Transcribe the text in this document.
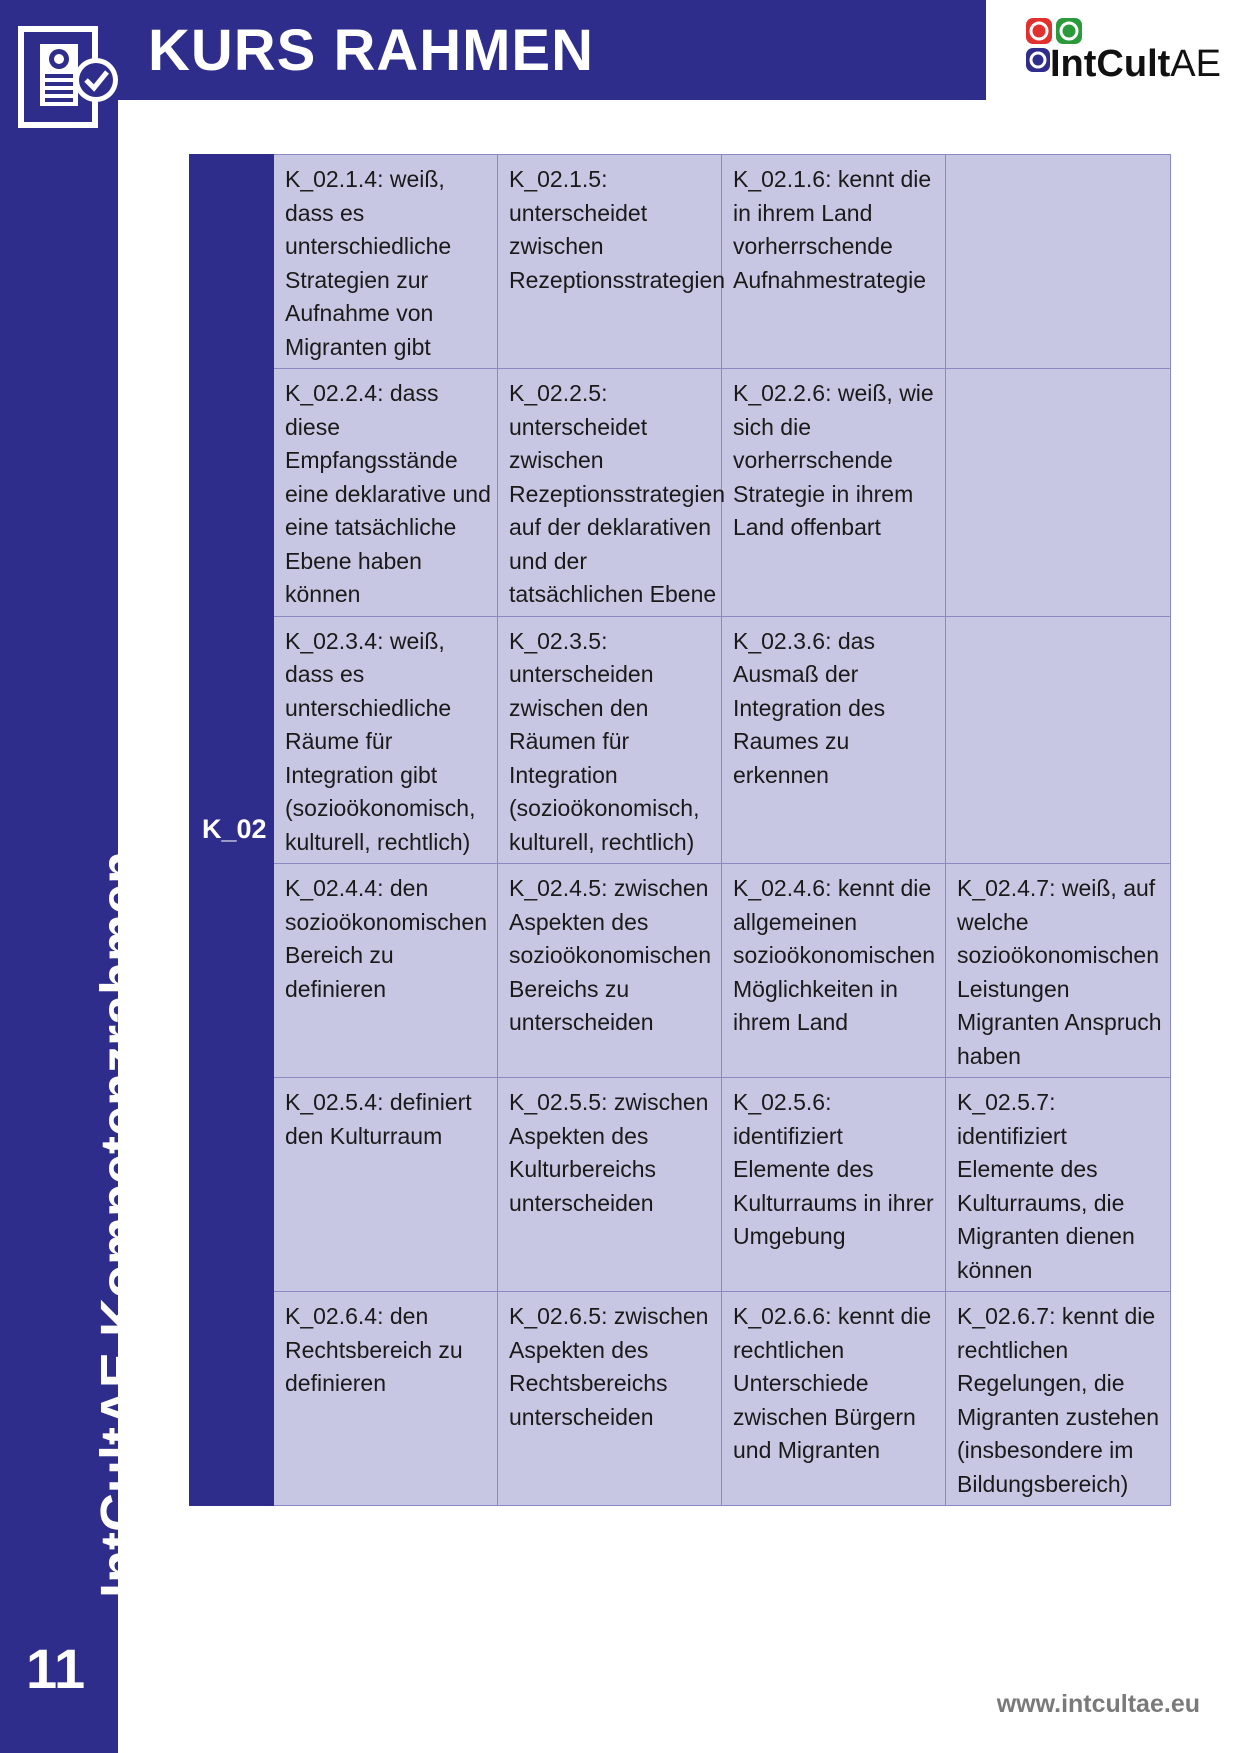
KURS RAHMEN	IntCultAE
K_02	K_02.1.4: weiß, dass es unterschiedliche Strategien zur Aufnahme von Migranten gibt	K_02.1.5: unterscheidet zwischen Rezeptionsstrategien	K_02.1.6: kennt die in ihrem Land vorherrschende Aufnahmestrategie	
	K_02.2.4: dass diese Empfangsstände eine deklarative und eine tatsächliche Ebene haben können	K_02.2.5: unterscheidet zwischen Rezeptionsstrategien auf der deklarativen und der tatsächlichen Ebene	K_02.2.6: weiß, wie sich die vorherrschende Strategie in ihrem Land offenbart	
	K_02.3.4: weiß, dass es unterschiedliche Räume für Integration gibt (sozioökonomisch, kulturell, rechtlich)	K_02.3.5: unterscheiden zwischen den Räumen für Integration (sozioökonomisch, kulturell, rechtlich)	K_02.3.6: das Ausmaß der Integration des Raumes zu erkennen	
	K_02.4.4: den sozioökonomischen Bereich zu definieren	K_02.4.5: zwischen Aspekten des sozioökonomischen Bereichs zu unterscheiden	K_02.4.6: kennt die allgemeinen sozioökonomischen Möglichkeiten in ihrem Land	K_02.4.7: weiß, auf welche sozioökonomischen Leistungen Migranten Anspruch haben
	K_02.5.4: definiert den Kulturraum	K_02.5.5: zwischen Aspekten des Kulturbereichs unterscheiden	K_02.5.6: identifiziert Elemente des Kulturraums in ihrer Umgebung	K_02.5.7: identifiziert Elemente des Kulturraums, die Migranten dienen können
	K_02.6.4: den Rechtsbereich zu definieren	K_02.6.5: zwischen Aspekten des Rechtsbereichs unterscheiden	K_02.6.6: kennt die rechtlichen Unterschiede zwischen Bürgern und Migranten	K_02.6.7: kennt die rechtlichen Regelungen, die Migranten zustehen (insbesondere im Bildungsbereich)
IntCultAE Kompetenzrahmen
11
www.intcultae.eu
